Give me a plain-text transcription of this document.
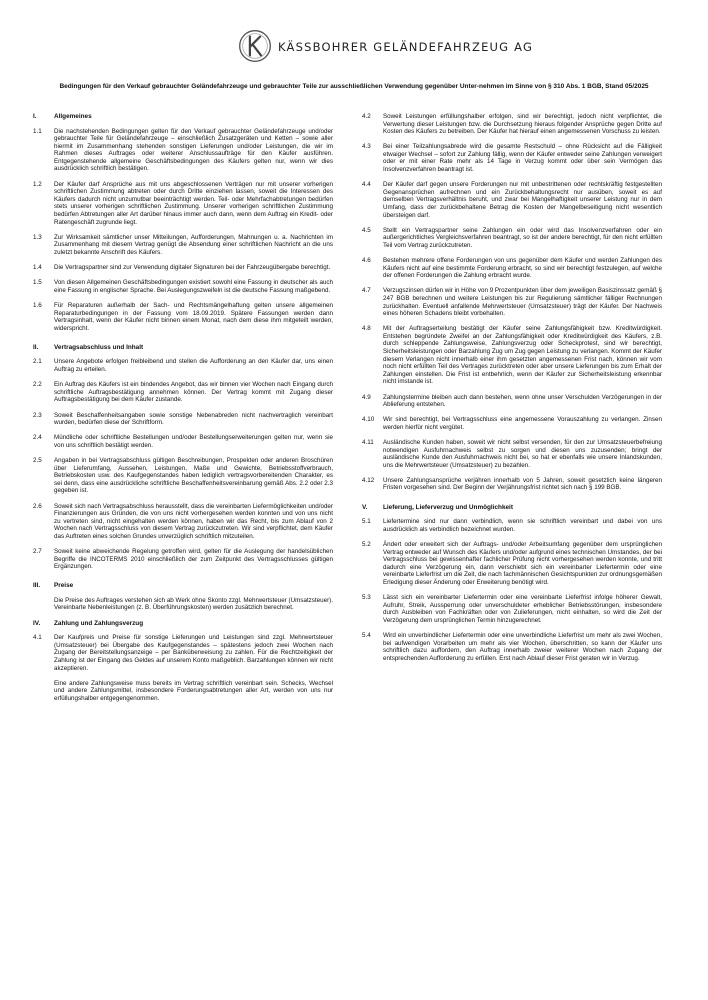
KÄSSBOHRER GELÄNDEFAHRZEUG AG
Bedingungen für den Verkauf gebrauchter Geländefahrzeuge und gebrauchter Teile zur ausschließlichen Verwendung gegenüber Unter-nehmen im Sinne von § 310 Abs. 1 BGB, Stand 05/2025
I.	Allgemeines
1.1	Die nachstehenden Bedingungen gelten für den Verkauf gebrauchter Geländefahrzeuge und/oder gebrauchter Teile für Geländefahrzeuge – einschließlich Zusatzgeräten und Ketten – sowie aller hiermit im Zusammenhang stehenden sonstigen Lieferungen und/oder Leistungen, die wir im Rahmen dieses Auftrages oder weiterer Anschlussaufträge für den Käufer ausführen. Entgegenstehende allgemeine Geschäftsbedingungen des Käufers gelten nur, wenn wir dies ausdrücklich schriftlich bestätigen.
1.2	Der Käufer darf Ansprüche aus mit uns abgeschlossenen Verträgen nur mit unserer vorherigen schriftlichen Zustimmung abtreten oder durch Dritte einziehen lassen, soweit die Interessen des Käufers dadurch nicht unzumutbar beeinträchtigt werden. Teil- oder Mehrfachabtretungen bedürfen stets unserer vorherigen schriftlichen Zustimmung. Unserer vorherigen schriftlichen Zustimmung bedürfen Abtretungen aller Art darüber hinaus immer auch dann, wenn dem Auftrag ein Kredit- oder Ratengeschäft zugrunde liegt.
1.3	Zur Wirksamkeit sämtlicher unser Mitteilungen, Aufforderungen, Mahnungen u. a. Nachrichten im Zusammenhang mit diesem Vertrag genügt die Absendung einer schriftlichen Nachricht an die uns zuletzt bekannte Anschrift des Käufers.
1.4	Die Vertragspartner sind zur Verwendung digitaler Signaturen bei der Fahrzeugübergabe berechtigt.
1.5	Von diesen Allgemeinen Geschäftsbedingungen existiert sowohl eine Fassung in deutscher als auch eine Fassung in englischer Sprache. Bei Auslegungszweifeln ist die deutsche Fassung maßgebend.
1.6	Für Reparaturen außerhalb der Sach- und Rechtsmängelhaftung gelten unsere allgemeinen Reparaturbedingungen in der Fassung vom 18.09.2019. Spätere Fassungen werden dann Vertragsinhalt, wenn der Käufer nicht binnen einem Monat, nach dem diese ihm mitgeteilt werden, widerspricht.
II.	Vertragsabschluss und Inhalt
2.1	Unsere Angebote erfolgen freibleibend und stellen die Aufforderung an den Käufer dar, uns einen Auftrag zu erteilen.
2.2	Ein Auftrag des Käufers ist ein bindendes Angebot, das wir binnen vier Wochen nach Eingang durch schriftliche Auftragsbestätigung annehmen können. Der Vertrag kommt mit Zugang dieser Auftragsbestätigung bei dem Käufer zustande.
2.3	Soweit Beschaffenheitsangaben sowie sonstige Nebenabreden nicht nachvertraglich vereinbart wurden, bedürfen diese der Schriftform.
2.4	Mündliche oder schriftliche Bestellungen und/oder Bestellungserweiterungen gelten nur, wenn sie von uns schriftlich bestätigt werden.
2.5	Angaben in bei Vertragsabschluss gültigen Beschreibungen, Prospekten oder anderen Broschüren über Lieferumfang, Aussehen, Leistungen, Maße und Gewichte, Betriebsstoffverbrauch, Betriebskosten usw. des Kaufgegenstandes haben lediglich vertragsvorbereitenden Charakter, es sei denn, dass eine ausdrückliche schriftliche Beschaffenheitsvereinbarung gemäß Abs. 2.2 oder 2.3 gegeben ist.
2.6	Soweit sich nach Vertragsabschluss herausstellt, dass die vereinbarten Liefermöglichkeiten und/oder Finanzierungen aus Gründen, die von uns nicht vorhergesehen werden konnten und von uns nicht zu vertreten sind, nicht eingehalten werden können, haben wir das Recht, bis zum Ablauf von 2 Wochen nach Vertragsschluss von diesem Vertrag zurückzutreten. Wir sind verpflichtet, dem Käufer das Auftreten eines solchen Grundes unverzüglich schriftlich mitzuteilen.
2.7	Soweit keine abweichende Regelung getroffen wird, gelten für die Auslegung der handelsüblichen Begriffe die INCOTERMS 2010 einschließlich der zum Zeitpunkt des Vertragsschlusses gültigen Ergänzungen.
III.	Preise
Die Preise des Auftrages verstehen sich ab Werk ohne Skonto zzgl. Mehrwertsteuer (Umsatzsteuer). Vereinbarte Nebenleistungen (z. B. Überführungskosten) werden zusätzlich berechnet.
IV.	Zahlung und Zahlungsverzug
4.1	Der Kaufpreis und Preise für sonstige Lieferungen und Leistungen sind zzgl. Mehrwertsteuer (Umsatzsteuer) bei Übergabe des Kaufgegenstandes – spätestens jedoch zwei Wochen nach Zugang der Bereitstellungsanzeige – per Banküberweisung zu zahlen. Für die Rechtzeitigkeit der Zahlung ist der Eingang des Geldes auf unserem Konto maßgeblich. Barzahlungen können wir nicht akzeptieren.
Eine andere Zahlungsweise muss bereits im Vertrag schriftlich vereinbart sein. Schecks, Wechsel und andere Zahlungsmittel, insbesondere Forderungsabtretungen aller Art, werden von uns nur erfüllungshalber entgegengenommen.
4.2	Soweit Leistungen erfüllungshalber erfolgen, sind wir berechtigt, jedoch nicht verpflichtet, die Verwertung dieser Leistungen bzw. die Durchsetzung hieraus folgender Ansprüche gegen Dritte auf Kosten des Käufers zu betreiben. Der Käufer hat hierauf einen angemessenen Vorschuss zu leisten.
4.3	Bei einer Teilzahlungsabrede wird die gesamte Restschuld – ohne Rücksicht auf die Fälligkeit etwaiger Wechsel – sofort zur Zahlung fällig, wenn der Käufer entweder seine Zahlungen verweigert oder er mit einer Rate mehr als 14 Tage in Verzug kommt oder über sein Vermögen das Insolvenzverfahren beantragt ist.
4.4	Der Käufer darf gegen unsere Forderungen nur mit unbestrittenen oder rechtskräftig festgestellten Gegenansprüchen aufrechnen und ein Zurückbehaltungsrecht nur ausüben, soweit es auf demselben Vertragsverhältnis beruht, und zwar bei Mangelhaftigkeit unserer Leistung nur in dem Umfang, dass der zurückbehaltene Betrag die Kosten der Mangelbeseitigung nicht wesentlich übersteigen darf.
4.5	Stellt ein Vertragspartner seine Zahlungen ein oder wird das Insolvenzverfahren oder ein außergerichtliches Vergleichsverfahren beantragt, so ist der andere berechtigt, für den nicht erfüllten Teil vom Vertrag zurückzutreten.
4.6	Bestehen mehrere offene Forderungen von uns gegenüber dem Käufer und werden Zahlungen des Käufers nicht auf eine bestimmte Forderung erbracht, so sind wir berechtigt festzulegen, auf welche der offenen Forderungen die Zahlung erbracht wurde.
4.7	Verzugszinsen dürfen wir in Höhe von 9 Prozentpunkten über dem jeweiligen Basiszinssatz gemäß § 247 BGB berechnen und weitere Leistungen bis zur Regulierung sämtlicher fälliger Rechnungen zurückhalten. Eventuell anfallende Mehrwertsteuer (Umsatzsteuer) trägt der Käufer. Der Nachweis eines höheren Schadens bleibt vorbehalten.
4.8	Mit der Auftragserteilung bestätigt der Käufer seine Zahlungsfähigkeit bzw. Kreditwürdigkeit. Entstehen begründete Zweifel an der Zahlungsfähigkeit oder Kreditwürdigkeit des Käufers, z.B. durch schleppende Zahlungsweise, Zahlungsverzug oder Scheckprotest, sind wir berechtigt, Sicherheitsleistungen oder Barzahlung Zug um Zug gegen Leistung zu verlangen. Kommt der Käufer diesem Verlangen nicht innerhalb einer ihm gesetzten angemessenen Frist nach, können wir vom noch nicht erfüllten Teil des Vertrages zurücktreten oder aber unsere Lieferungen bis zum Erhalt der Zahlungen einstellen. Die Frist ist entbehrlich, wenn der Käufer zur Sicherheitsleistung erkennbar nicht imstande ist.
4.9	Zahlungstermine bleiben auch dann bestehen, wenn ohne unser Verschulden Verzögerungen in der Ablieferung entstehen.
4.10	Wir sind berechtigt, bei Vertragsschluss eine angemessene Vorauszahlung zu verlangen. Zinsen werden hierfür nicht vergütet.
4.11	Ausländische Kunden haben, soweit wir nicht selbst versenden, für den zur Umsatzsteuerbefreiung notwendigen Ausfuhrnachweis selbst zu sorgen und diesen uns zuzusenden; bringt der ausländische Kunde den Ausfuhrnachweis nicht bei, so hat er ebenfalls wie unsere Inlandskunden, uns die Mehrwertsteuer (Umsatzsteuer) zu bezahlen.
4.12	Unsere Zahlungsansprüche verjähren innerhalb von 5 Jahren, soweit gesetzlich keine längeren Fristen vorgesehen sind. Der Beginn der Verjährungsfrist richtet sich nach § 199 BGB.
V.	Lieferung, Lieferverzug und Unmöglichkeit
5.1	Liefertermine sind nur dann verbindlich, wenn sie schriftlich vereinbart und dabei von uns ausdrücklich als verbindlich bezeichnet wurden.
5.2	Ändert oder erweitert sich der Auftrags- und/oder Arbeitsumfang gegenüber dem ursprünglichen Vertrag entweder auf Wunsch des Käufers und/oder aufgrund eines technischen Umstandes, der bei Vertragsschluss bei gewissenhafter fachlicher Prüfung nicht vorhergesehen werden konnte, und tritt dadurch eine Verzögerung ein, dann verschiebt sich ein vereinbarter Liefertermin oder eine vereinbarte Lieferfrist um die Zeit, die nach fachmännischen Gesichtspunkten zur ordnungsgemäßen Erledigung dieser Änderung oder Erweiterung benötigt wird.
5.3	Lässt sich ein vereinbarter Liefertermin oder eine vereinbarte Lieferfrist infolge höherer Gewalt, Aufruhr, Streik, Aussperrung oder unverschuldeter erheblicher Betriebsstörungen, insbesondere durch Ausbleiben von Fachkräften oder von Zulieferungen, nicht einhalten, so wird die Zeit der Verzögerung dem ursprünglichen Termin hinzugerechnet.
5.4	Wird ein unverbindlicher Liefertermin oder eine unverbindliche Lieferfrist um mehr als zwei Wochen, bei aufwendigen Vorarbeiten um mehr als vier Wochen, überschritten, so kann der Käufer uns schriftlich dazu auffordern, den Auftrag innerhalb zweier weiterer Wochen nach Zugang der entsprechenden Aufforderung zu erfüllen. Erst nach Ablauf dieser Frist geraten wir in Verzug.
